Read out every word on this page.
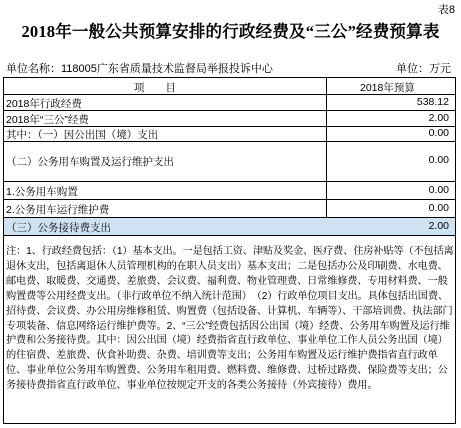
表8
2018年一般公共预算安排的行政经费及“三公”经费预算表
单位名称：118005广东省质量技术监督局举报投诉中心	单位：万元
项　　目	2018年预算
2018年行政经费	538.12
2018年“三公”经费	2.00
其中：（一）因公出国（境）支出	0.00
（二）公务用车购置及运行维护支出	0.00
1.公务用车购置	0.00
2.公务用车运行维护费	0.00
（三）公务接待费支出	2.00
注：1、行政经费包括：（1）基本支出。一是包括工资、津贴及奖金、医疗费、住房补贴等（不包括离退休支出，包括离退休人员管理机构的在职人员支出）基本支出；二是包括办公及印刷费、水电费、邮电费、取暖费、交通费、差旅费、会议费、福利费、物业管理费、日常维修费、专用材料费、一般购置费等公用经费支出。（非行政单位不纳入统计范围）　（2）行政单位项目支出。具体包括出国费、招待费、会议费、办公用房维修租赁、购置费（包括设备、计算机、车辆等）、干部培训费、执法部门专项装备、信息网络运行维护费等。2、“三公”经费包括因公出国（境）经费、公务用车购置及运行维护费和公务接待费。其中：因公出国（境）经费指省直行政单位、事业单位工作人员公务出国（境）的住宿费、差旅费、伙食补助费、杂费、培训费等支出；公务用车购置及运行维护费指省直行政单位、事业单位公务用车购置费、公务用车租用费、燃料费、维修费、过桥过路费、保险费等支出；公务接待费指省直行政单位、事业单位按规定开支的各类公务接待（外宾接待）费用。
